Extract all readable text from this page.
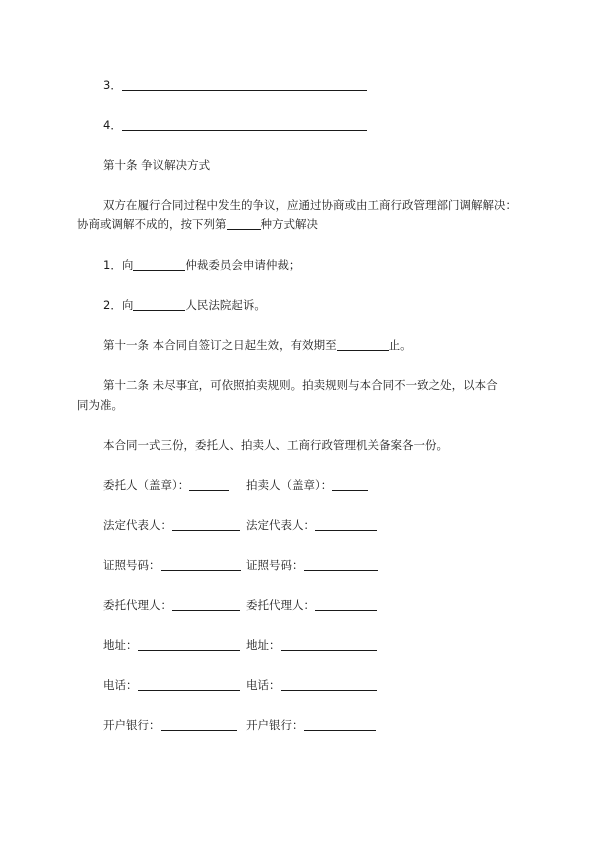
3．
4．
第十条 争议解决方式
双方在履行合同过程中发生的争议，应通过协商或由工商行政管理部门调解解决：
协商或调解不成的，按下列第	种方式解决
1．向	仲裁委员会申请仲裁；
2．向	人民法院起诉。
第十一条 本合同自签订之日起生效，有效期至	止。
第十二条 未尽事宜，可依照拍卖规则。拍卖规则与本合同不一致之处，以本合
同为准。
本合同一式三份，委托人、拍卖人、工商行政管理机关备案各一份。
委托人（盖章）：	拍卖人（盖章）：
法定代表人：	法定代表人：
证照号码：	证照号码：
委托代理人：	委托代理人：
地址：	地址：
电话：	电话：
开户银行：	开户银行：
